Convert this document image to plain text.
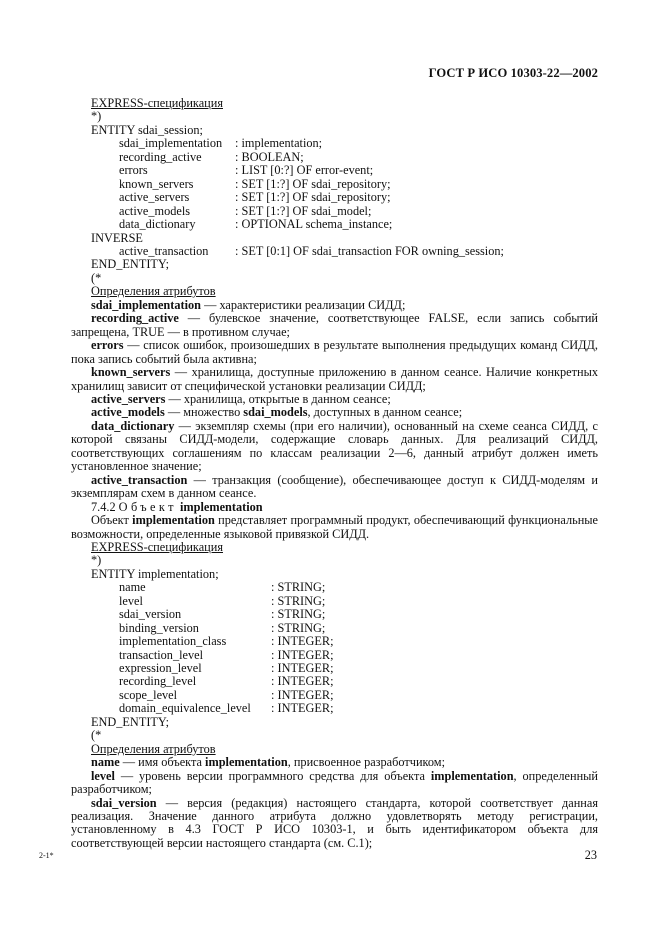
ГОСТ Р ИСО 10303-22—2002
EXPRESS-спецификация
*)
ENTITY sdai_session;
sdai_implementation	: implementation;
recording_active	: BOOLEAN;
errors	: LIST [0:?] OF error-event;
known_servers	: SET [1:?] OF sdai_repository;
active_servers	: SET [1:?] OF sdai_repository;
active_models	: SET [1:?] OF sdai_model;
data_dictionary	: OPTIONAL schema_instance;
INVERSE
active_transaction	: SET [0:1] OF sdai_transaction FOR owning_session;
END_ENTITY;
(*
Определения атрибутов
sdai_implementation — характеристики реализации СИДД;
recording_active — булевское значение, соответствующее FALSE, если запись событий запрещена, TRUE — в противном случае;
errors — список ошибок, произошедших в результате выполнения предыдущих команд СИДД, пока запись событий была активна;
known_servers — хранилища, доступные приложению в данном сеансе. Наличие конкретных хранилищ зависит от специфической установки реализации СИДД;
active_servers — хранилища, открытые в данном сеансе;
active_models — множество sdai_models, доступных в данном сеансе;
data_dictionary — экземпляр схемы (при его наличии), основанный на схеме сеанса СИДД, с которой связаны СИДД-модели, содержащие словарь данных. Для реализаций СИДД, соответствующих соглашениям по классам реализации 2—6, данный атрибут должен иметь установленное значение;
active_transaction — транзакция (сообщение), обеспечивающее доступ к СИДД-моделям и экземплярам схем в данном сеансе.
7.4.2 Объект implementation
Объект implementation представляет программный продукт, обеспечивающий функциональные возможности, определенные языковой привязкой СИДД.
EXPRESS-спецификация
*)
ENTITY implementation;
name	: STRING;
level	: STRING;
sdai_version	: STRING;
binding_version	: STRING;
implementation_class	: INTEGER;
transaction_level	: INTEGER;
expression_level	: INTEGER;
recording_level	: INTEGER;
scope_level	: INTEGER;
domain_equivalence_level	: INTEGER;
END_ENTITY;
(*
Определения атрибутов
name — имя объекта implementation, присвоенное разработчиком;
level — уровень версии программного средства для объекта implementation, определенный разработчиком;
sdai_version — версия (редакция) настоящего стандарта, которой соответствует данная реализация. Значение данного атрибута должно удовлетворять методу регистрации, установленному в 4.3 ГОСТ Р ИСО 10303-1, и быть идентификатором объекта для соответствующей версии настоящего стандарта (см. С.1);
2-1*	23
